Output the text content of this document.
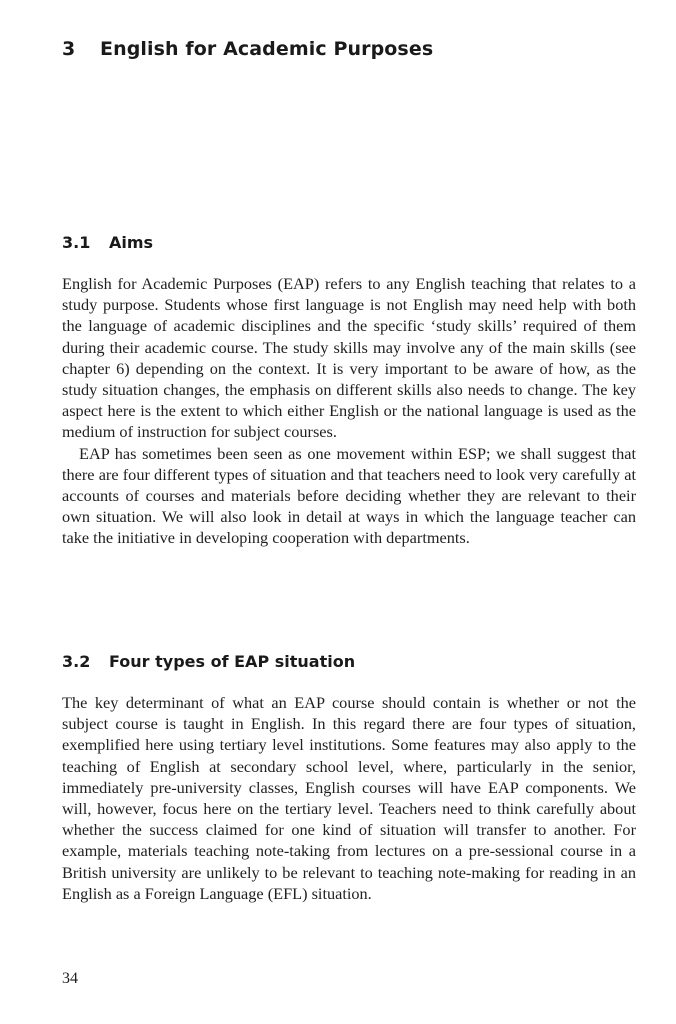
3 English for Academic Purposes
3.1 Aims

English for Academic Purposes (EAP) refers to any English teaching that relates to a study purpose. Students whose first language is not English may need help with both the language of academic disciplines and the specific ‘study skills’ required of them during their academic course. The study skills may involve any of the main skills (see chapter 6) depending on the context. It is very important to be aware of how, as the study situation changes, the emphasis on different skills also needs to change. The key aspect here is the extent to which either English or the national language is used as the medium of instruction for subject courses.

EAP has sometimes been seen as one movement within ESP; we shall suggest that there are four different types of situation and that teachers need to look very carefully at accounts of courses and materials before deciding whether they are relevant to their own situation. We will also look in detail at ways in which the language teacher can take the initiative in developing cooperation with departments.

3.2 Four types of EAP situation

The key determinant of what an EAP course should contain is whether or not the subject course is taught in English. In this regard there are four types of situation, exemplified here using tertiary level institutions. Some features may also apply to the teaching of English at secondary school level, where, particularly in the senior, immediately pre-university classes, English courses will have EAP components. We will, however, focus here on the tertiary level. Teachers need to think carefully about whether the success claimed for one kind of situation will transfer to another. For example, materials teaching note-taking from lectures on a pre-sessional course in a British university are unlikely to be relevant to teaching note-making for reading in an English as a Foreign Language (EFL) situation.

34
